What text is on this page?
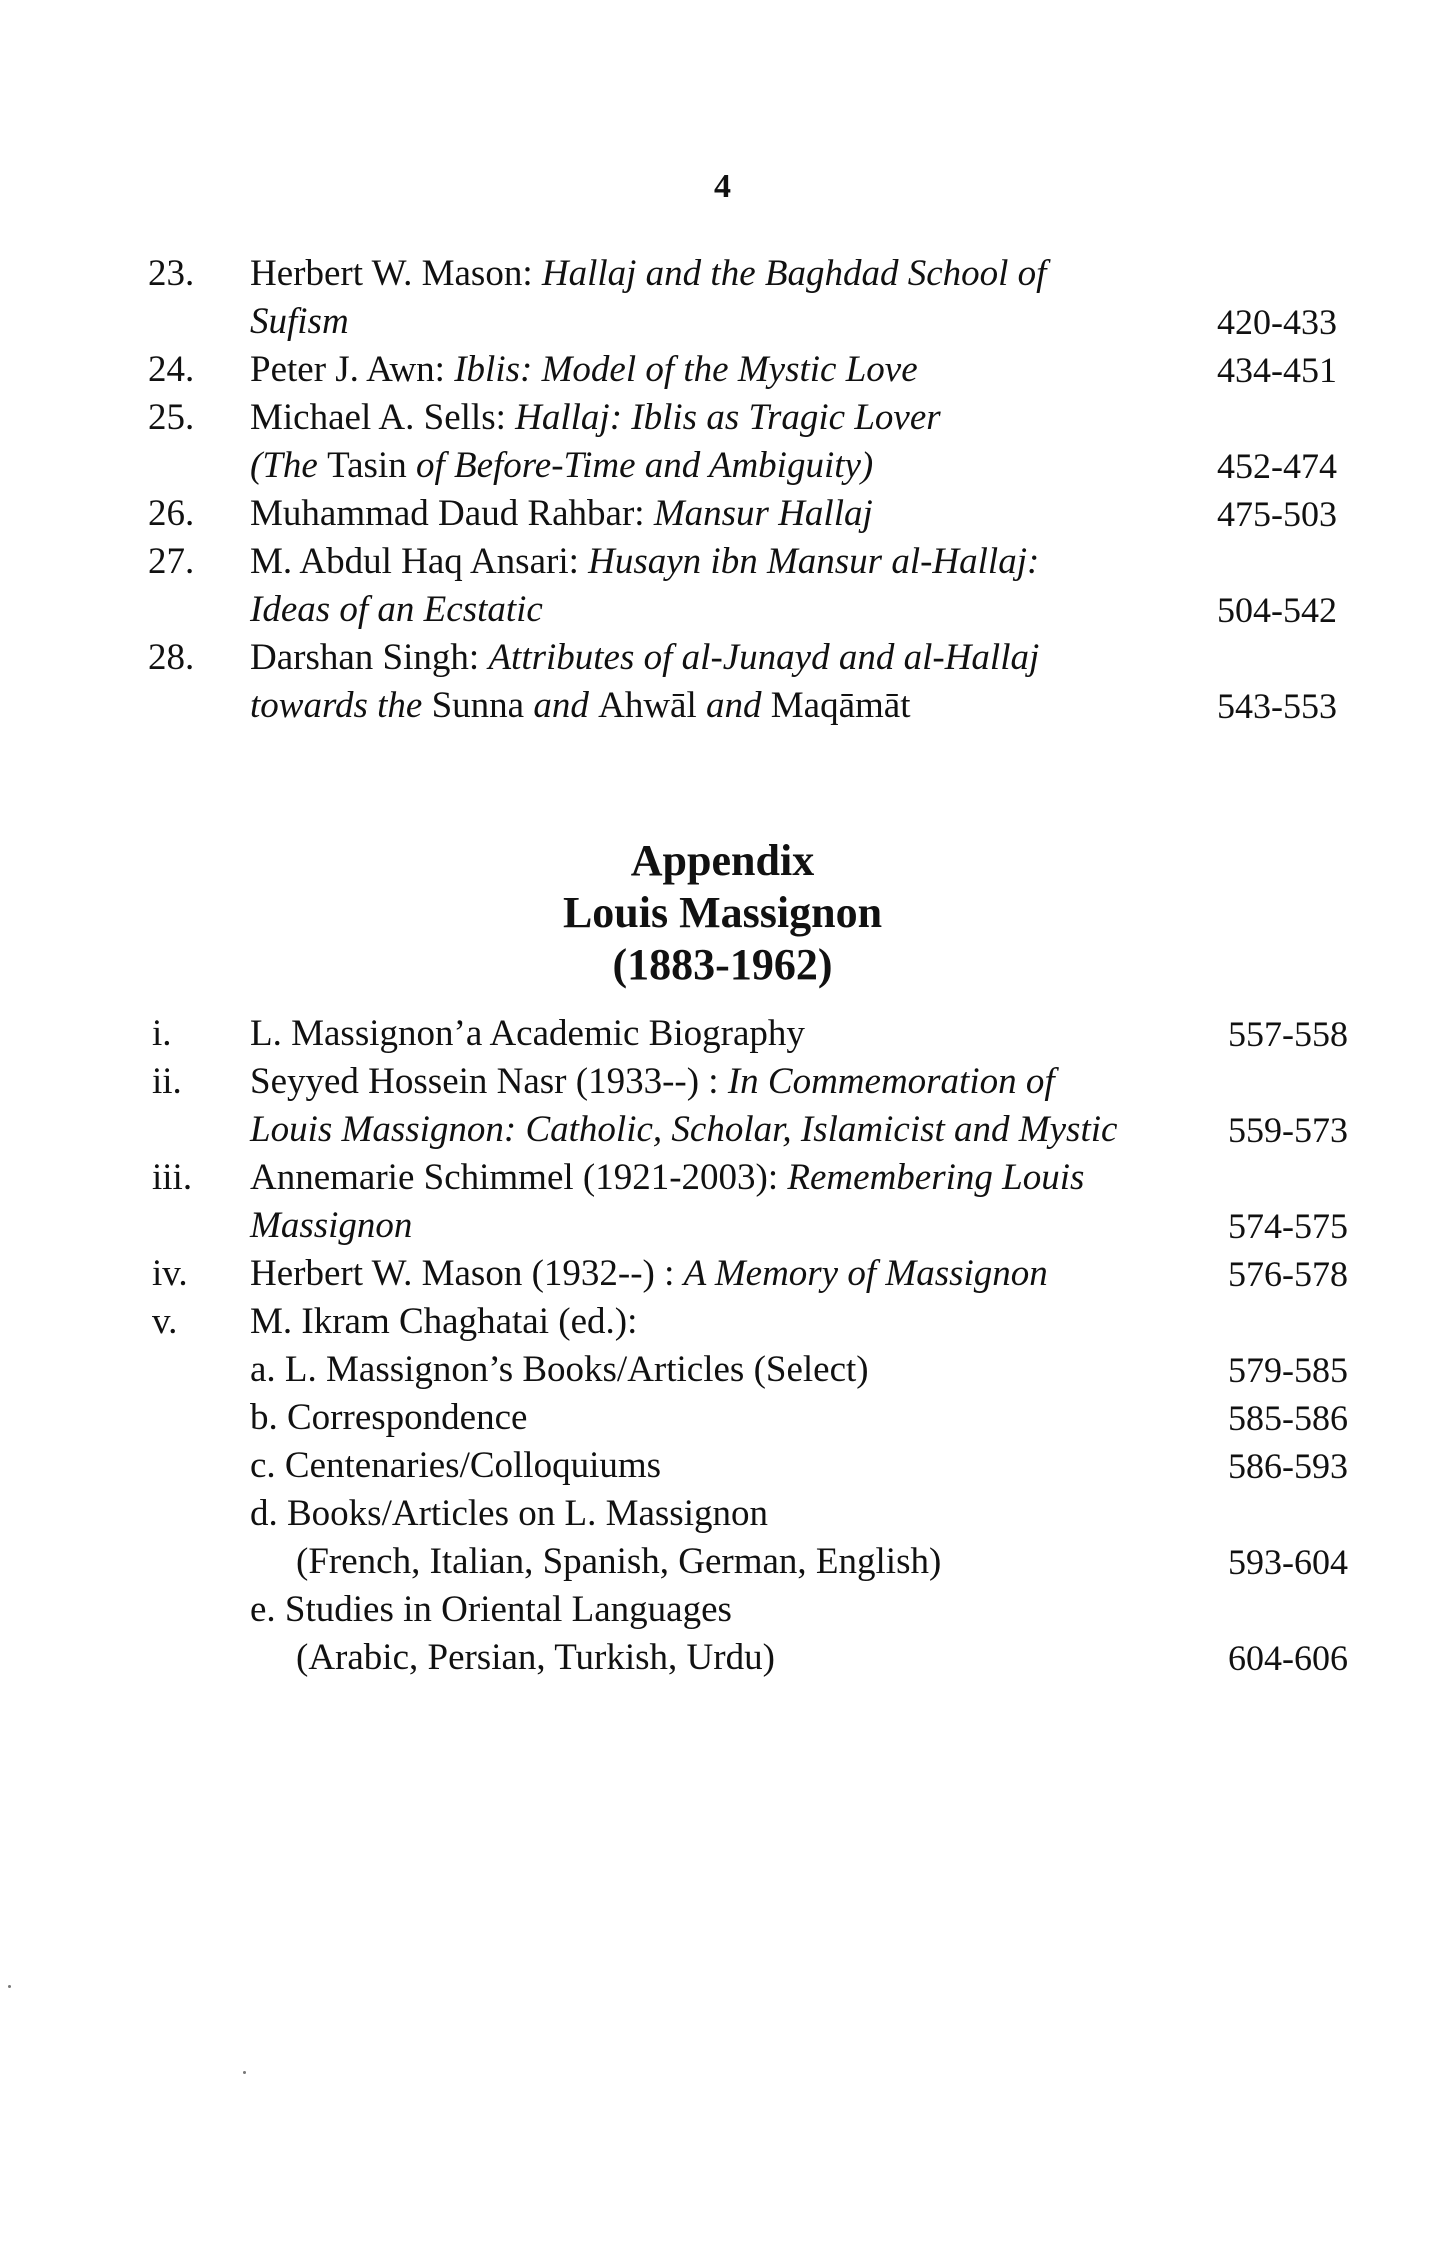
4
23. Herbert W. Mason: Hallaj and the Baghdad School of
Sufism	420-433
24. Peter J. Awn: Iblis: Model of the Mystic Love	434-451
25. Michael A. Sells: Hallaj: Iblis as Tragic Lover
(The Tasin of Before-Time and Ambiguity)	452-474
26. Muhammad Daud Rahbar: Mansur Hallaj	475-503
27. M. Abdul Haq Ansari: Husayn ibn Mansur al-Hallaj:
Ideas of an Ecstatic	504-542
28. Darshan Singh: Attributes of al-Junayd and al-Hallaj
towards the Sunna and Ahwāl and Maqāmāt	543-553
Appendix
Louis Massignon
(1883-1962)
i. L. Massignon’a Academic Biography	557-558
ii. Seyyed Hossein Nasr (1933--) : In Commemoration of
Louis Massignon: Catholic, Scholar, Islamicist and Mystic	559-573
iii. Annemarie Schimmel (1921-2003): Remembering Louis
Massignon	574-575
iv. Herbert W. Mason (1932--) : A Memory of Massignon	576-578
v. M. Ikram Chaghatai (ed.):
a. L. Massignon’s Books/Articles (Select)	579-585
b. Correspondence	585-586
c. Centenaries/Colloquiums	586-593
d. Books/Articles on L. Massignon
(French, Italian, Spanish, German, English)	593-604
e. Studies in Oriental Languages
(Arabic, Persian, Turkish, Urdu)	604-606
